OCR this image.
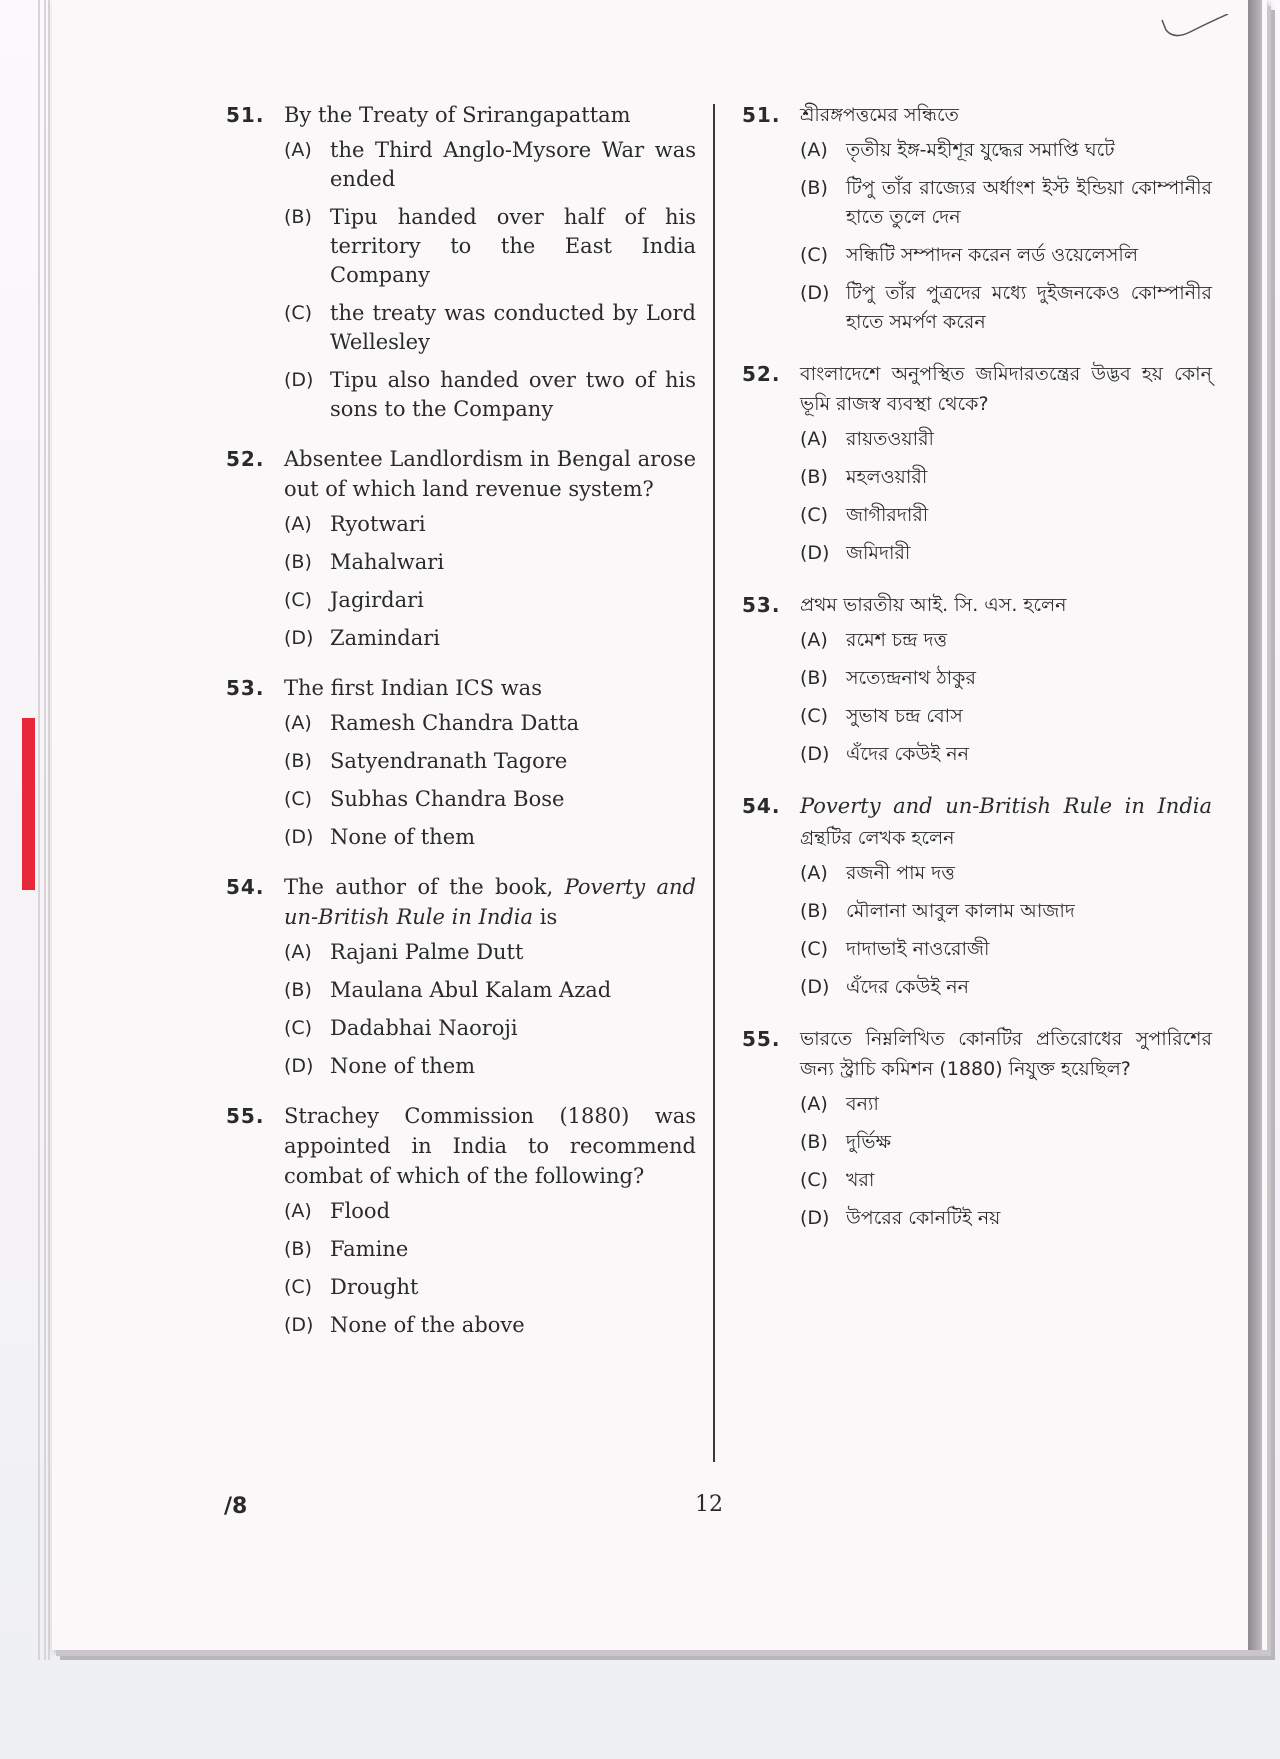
51. By the Treaty of Srirangapattam
(A) the Third Anglo-Mysore War was ended
(B) Tipu handed over half of his territory to the East India Company
(C) the treaty was conducted by Lord Wellesley
(D) Tipu also handed over two of his sons to the Company
52. Absentee Landlordism in Bengal arose out of which land revenue system?
(A) Ryotwari
(B) Mahalwari
(C) Jagirdari
(D) Zamindari
53. The first Indian ICS was
(A) Ramesh Chandra Datta
(B) Satyendranath Tagore
(C) Subhas Chandra Bose
(D) None of them
54. The author of the book, Poverty and un-British Rule in India is
(A) Rajani Palme Dutt
(B) Maulana Abul Kalam Azad
(C) Dadabhai Naoroji
(D) None of them
55. Strachey Commission (1880) was appointed in India to recommend combat of which of the following?
(A) Flood
(B) Famine
(C) Drought
(D) None of the above
51.	শ্রীরঙ্গপত্তমের সন্ধিতে
(A) তৃতীয় ইঙ্গ-মহীশূর যুদ্ধের সমাপ্তি ঘটে
(B) টিপু তাঁর রাজ্যের অর্ধাংশ ইস্ট ইন্ডিয়া কোম্পানীর হাতে তুলে দেন
(C) সন্ধিটি সম্পাদন করেন লর্ড ওয়েলেসলি
(D) টিপু তাঁর পুত্রদের মধ্যে দুইজনকেও কোম্পানীর হাতে সমর্পণ করেন
52.	বাংলাদেশে অনুপস্থিত জমিদারতন্ত্রের উদ্ভব হয় কোন্ ভূমি রাজস্ব ব্যবস্থা থেকে?
(A) রায়তওয়ারী
(B) মহলওয়ারী
(C) জাগীরদারী
(D) জমিদারী
53.	প্রথম ভারতীয় আই. সি. এস. হলেন
(A) রমেশ চন্দ্র দত্ত
(B) সত্যেন্দ্রনাথ ঠাকুর
(C) সুভাষ চন্দ্র বোস
(D) এঁদের কেউই নন
54. Poverty and un-British Rule in India গ্রন্থটির লেখক হলেন
(A) রজনী পাম দত্ত
(B) মৌলানা আবুল কালাম আজাদ
(C) দাদাভাই নাওরোজী
(D) এঁদের কেউই নন
55.	ভারতে নিম্নলিখিত কোনটির প্রতিরোধের সুপারিশের জন্য স্ট্রাচি কমিশন (1880) নিযুক্ত হয়েছিল?
(A) বন্যা
(B) দুর্ভিক্ষ
(C) খরা
(D) উপরের কোনটিই নয়
/8	12
